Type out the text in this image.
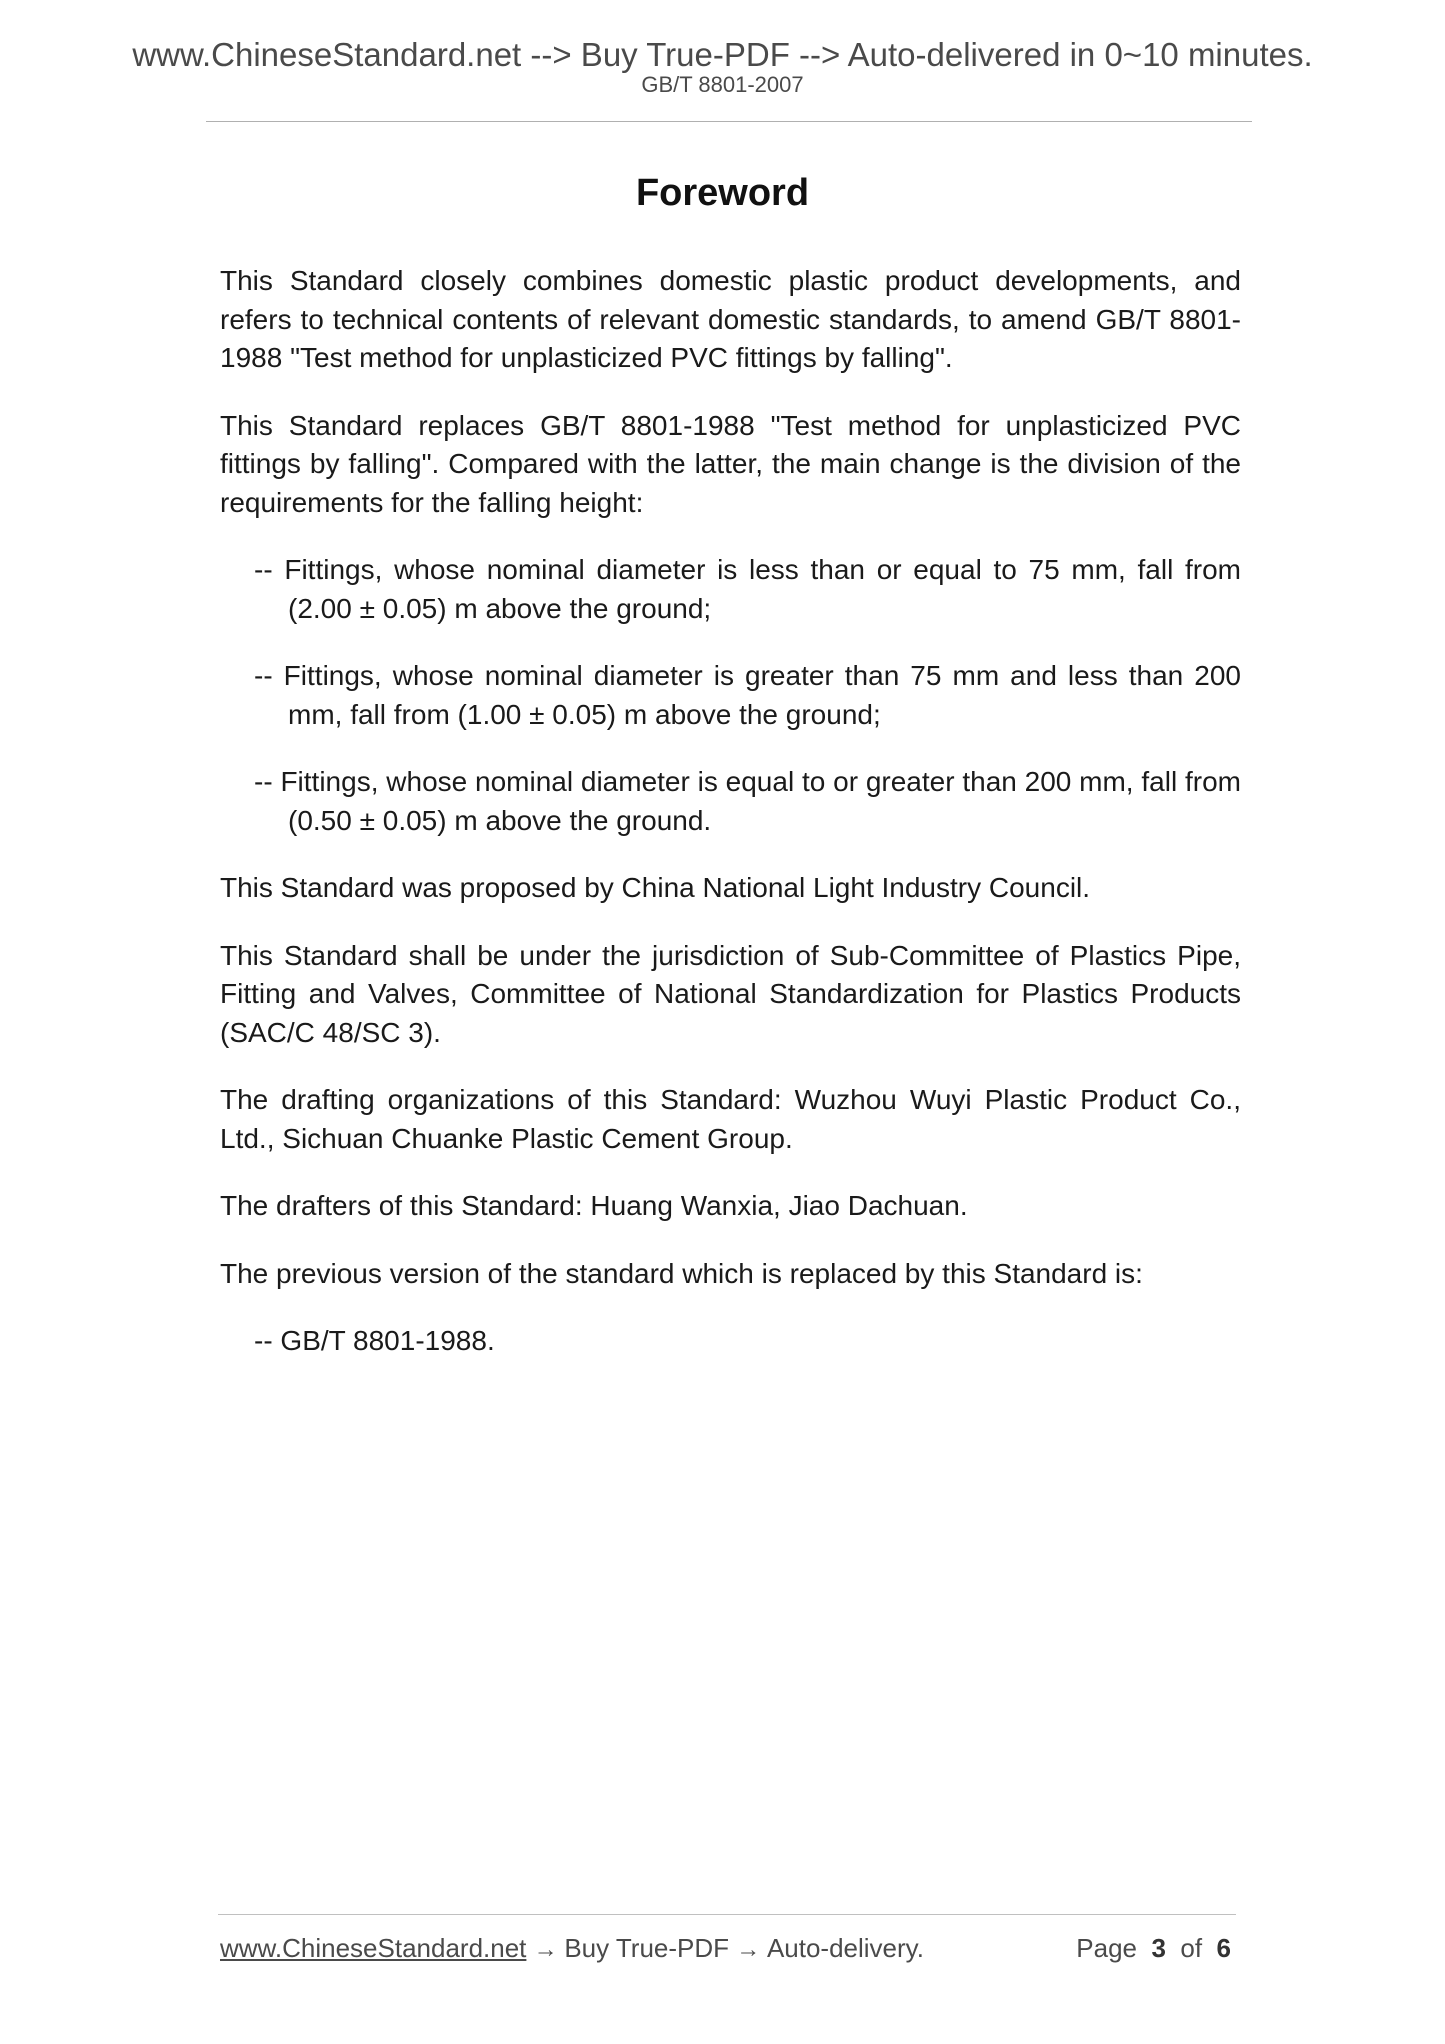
www.ChineseStandard.net --> Buy True-PDF --> Auto-delivered in 0~10 minutes.
GB/T 8801-2007
Foreword

This Standard closely combines domestic plastic product developments, and refers to technical contents of relevant domestic standards, to amend GB/T 8801-1988 "Test method for unplasticized PVC fittings by falling".

This Standard replaces GB/T 8801-1988 "Test method for unplasticized PVC fittings by falling". Compared with the latter, the main change is the division of the requirements for the falling height:

-- Fittings, whose nominal diameter is less than or equal to 75 mm, fall from (2.00 ± 0.05) m above the ground;

-- Fittings, whose nominal diameter is greater than 75 mm and less than 200 mm, fall from (1.00 ± 0.05) m above the ground;

-- Fittings, whose nominal diameter is equal to or greater than 200 mm, fall from (0.50 ± 0.05) m above the ground.

This Standard was proposed by China National Light Industry Council.

This Standard shall be under the jurisdiction of Sub-Committee of Plastics Pipe, Fitting and Valves, Committee of National Standardization for Plastics Products (SAC/C 48/SC 3).

The drafting organizations of this Standard: Wuzhou Wuyi Plastic Product Co., Ltd., Sichuan Chuanke Plastic Cement Group.

The drafters of this Standard: Huang Wanxia, Jiao Dachuan.

The previous version of the standard which is replaced by this Standard is:

-- GB/T 8801-1988.

www.ChineseStandard.net → Buy True-PDF → Auto-delivery.	Page 3 of 6
